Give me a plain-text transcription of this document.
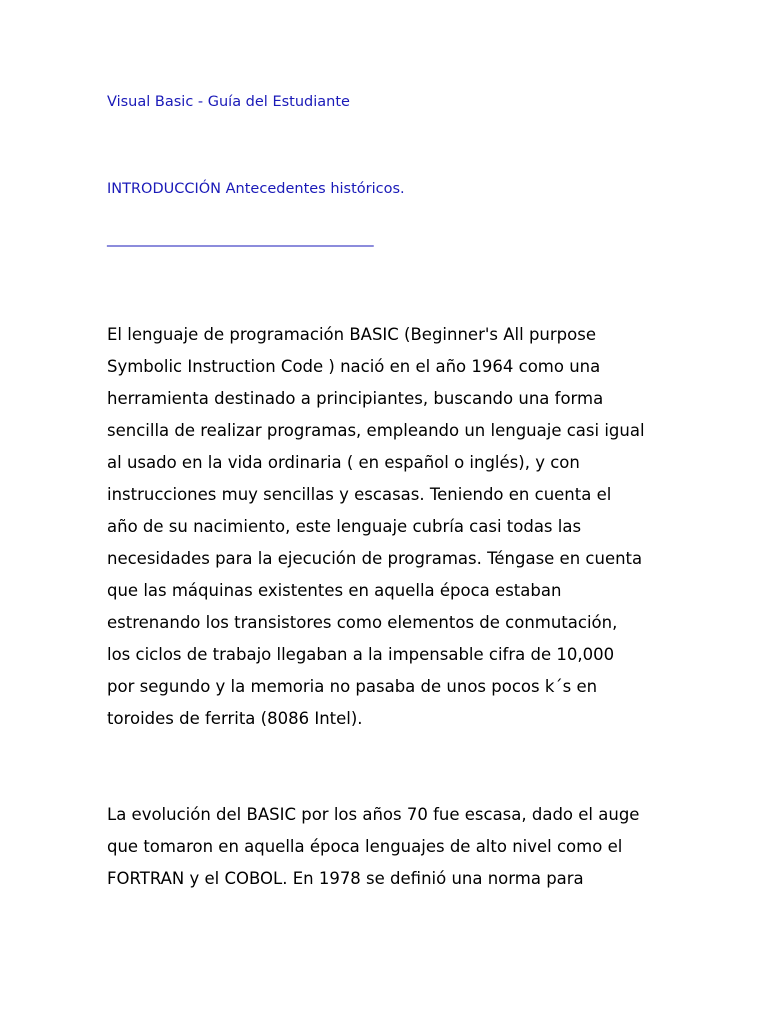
Visual Basic - Guía del Estudiante
INTRODUCCIÓN Antecedentes históricos.
________________________________________
El lenguaje de programación BASIC (Beginner's All purpose
Symbolic Instruction Code ) nació en el año 1964 como una
herramienta destinado a principiantes, buscando una forma
sencilla de realizar programas, empleando un lenguaje casi igual
al usado en la vida ordinaria ( en español o inglés), y con
instrucciones muy sencillas y escasas. Teniendo en cuenta el
año de su nacimiento, este lenguaje cubría casi todas las
necesidades para la ejecución de programas. Téngase en cuenta
que las máquinas existentes en aquella época estaban
estrenando los transistores como elementos de conmutación,
los ciclos de trabajo llegaban a la impensable cifra de 10,000
por segundo y la memoria no pasaba de unos pocos k´s en
toroides de ferrita (8086 Intel).
La evolución del BASIC por los años 70 fue escasa, dado el auge
que tomaron en aquella época lenguajes de alto nivel como el
FORTRAN y el COBOL. En 1978 se definió una norma para
